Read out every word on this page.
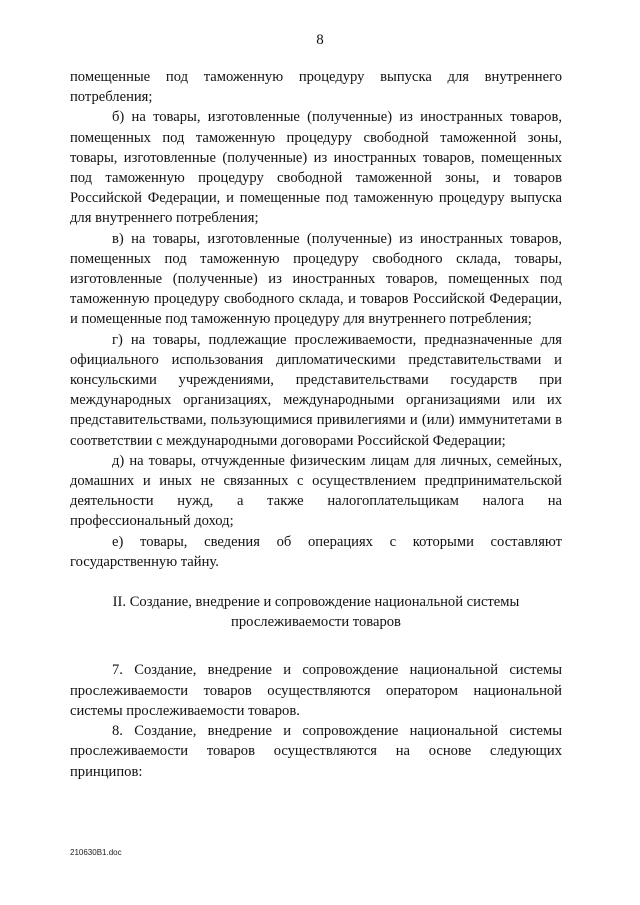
8

помещенные под таможенную процедуру выпуска для внутреннего потребления;

б) на товары, изготовленные (полученные) из иностранных товаров, помещенных под таможенную процедуру свободной таможенной зоны, товары, изготовленные (полученные) из иностранных товаров, помещенных под таможенную процедуру свободной таможенной зоны, и товаров Российской Федерации, и помещенные под таможенную процедуру выпуска для внутреннего потребления;

в) на товары, изготовленные (полученные) из иностранных товаров, помещенных под таможенную процедуру свободного склада, товары, изготовленные (полученные) из иностранных товаров, помещенных под таможенную процедуру свободного склада, и товаров Российской Федерации, и помещенные под таможенную процедуру для внутреннего потребления;

г) на товары, подлежащие прослеживаемости, предназначенные для официального использования дипломатическими представительствами и консульскими учреждениями, представительствами государств при международных организациях, международными организациями или их представительствами, пользующимися привилегиями и (или) иммунитетами в соответствии с международными договорами Российской Федерации;

д) на товары, отчужденные физическим лицам для личных, семейных, домашних и иных не связанных с осуществлением предпринимательской деятельности нужд, а также налогоплательщикам налога на профессиональный доход;

е) товары, сведения об операциях с которыми составляют государственную тайну.

II. Создание, внедрение и сопровождение национальной системы
прослеживаемости товаров

7. Создание, внедрение и сопровождение национальной системы прослеживаемости товаров осуществляются оператором национальной системы прослеживаемости товаров.

8. Создание, внедрение и сопровождение национальной системы прослеживаемости товаров осуществляются на основе следующих принципов:

210630В1.doc
